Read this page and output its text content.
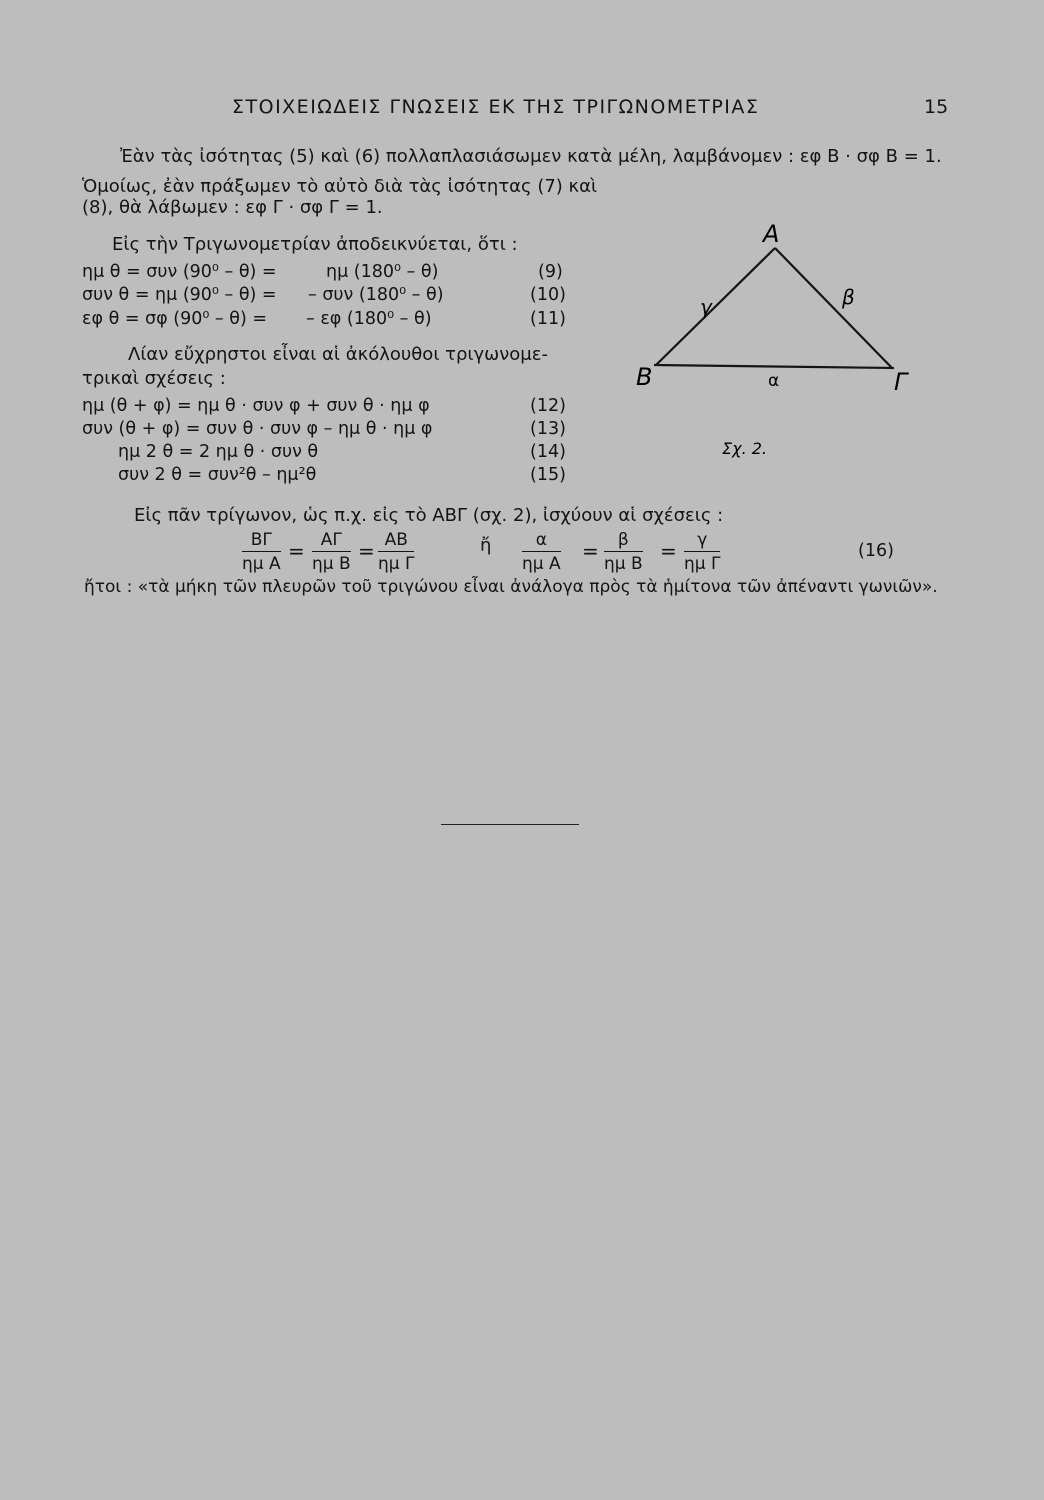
ΣΤΟΙΧΕΙΩΔΕΙΣ ΓΝΩΣΕΙΣ ΕΚ ΤΗΣ ΤΡΙΓΩΝΟΜΕΤΡΙΑΣ	15
Ἐὰν τὰς ἰσότητας (5) καὶ (6) πολλαπλασιάσωμεν κατὰ μέλη, λαμβάνομεν : εφ Β · σφ Β = 1.
Ὁμοίως, ἐὰν πράξωμεν τὸ αὐτὸ διὰ τὰς ἰσότητας (7) καὶ
(8), θὰ λάβωμεν : εφ Γ · σφ Γ = 1.
Εἰς τὴν Τριγωνομετρίαν ἀποδεικνύεται, ὅτι :
ημ θ = συν (90⁰ – θ) =	ημ (180⁰ – θ)	(9)
συν θ = ημ (90⁰ – θ) = – συν (180⁰ – θ)	(10)
εφ θ = σφ (90⁰ – θ) = – εφ (180⁰ – θ)	(11)
Λίαν εὔχρηστοι εἶναι αἱ ἀκόλουθοι τριγωνομε-
τρικαὶ σχέσεις :
ημ (θ + φ) = ημ θ · συν φ + συν θ · ημ φ	(12)
συν (θ + φ) = συν θ · συν φ – ημ θ · ημ φ	(13)
ημ 2 θ = 2 ημ θ · συν θ	(14)
συν 2 θ = συν²θ – ημ²θ	(15)
Α
Β	Γ
α
β
γ
Σχ. 2.
Εἰς πᾶν τρίγωνον, ὡς π.χ. εἰς τὸ ΑΒΓ (σχ. 2), ἰσχύουν αἱ σχέσεις :
$\frac{B\Gamma}{\text{ημ Α}} = \frac{A\Gamma}{\text{ημ Β}} = \frac{AB}{\text{ημ Γ}}$	ἤ $\frac{\alpha}{\text{ημ Α}} = \frac{\beta}{\text{ημ Β}} = \frac{\gamma}{\text{ημ Γ}}$	(16)
ἤτοι : «τὰ μήκη τῶν πλευρῶν τοῦ τριγώνου εἶναι ἀνάλογα πρὸς τὰ ἡμίτονα τῶν ἀπέναντι γωνιῶν».
